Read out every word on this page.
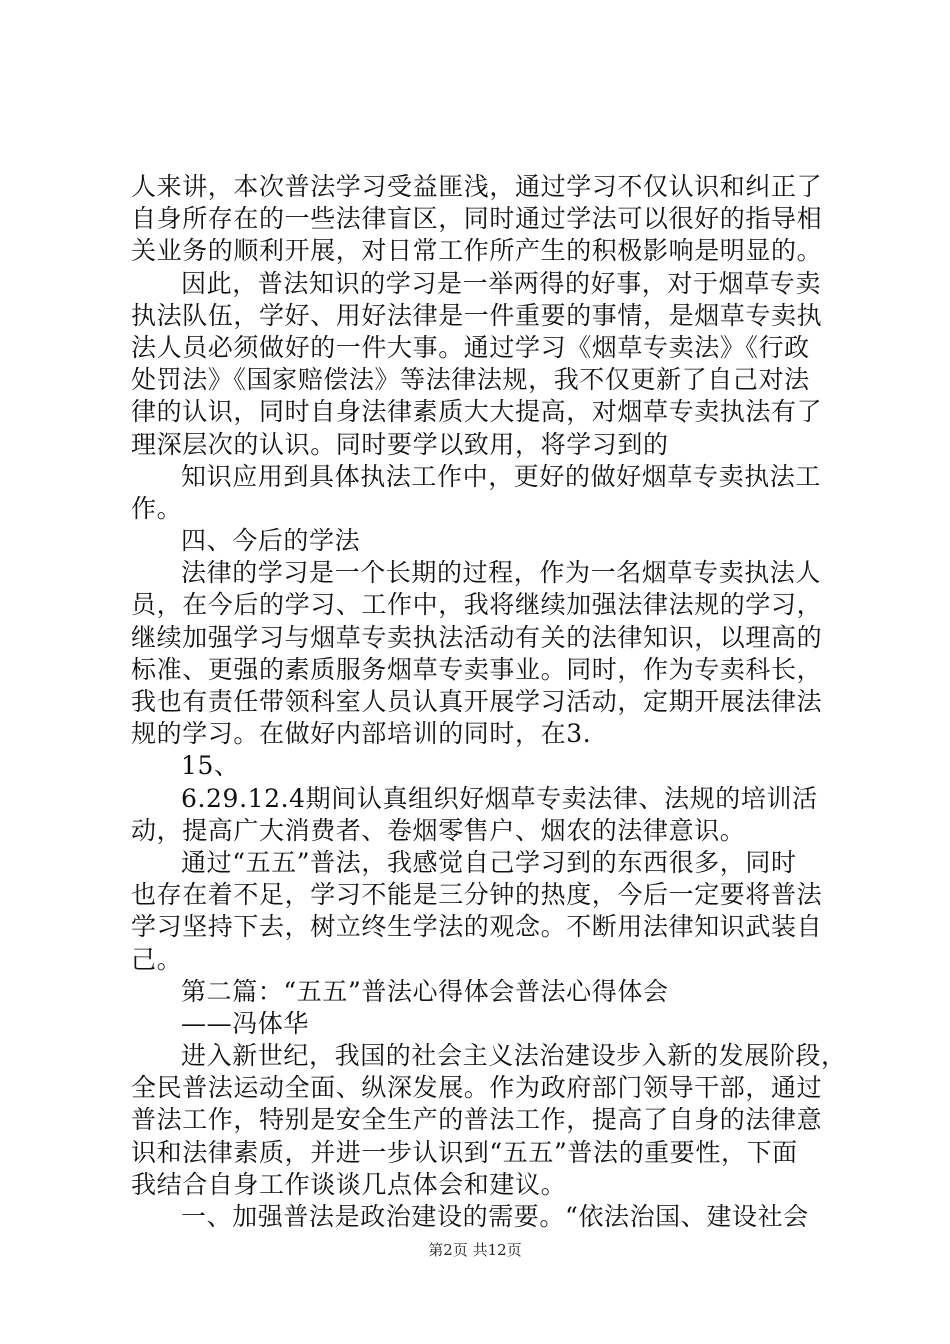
人来讲，本次普法学习受益匪浅，通过学习不仅认识和纠正了
自身所存在的一些法律盲区，同时通过学法可以很好的指导相
关业务的顺利开展，对日常工作所产生的积极影响是明显的。
因此，普法知识的学习是一举两得的好事，对于烟草专卖
执法队伍，学好、用好法律是一件重要的事情，是烟草专卖执
法人员必须做好的一件大事。通过学习《烟草专卖法》《行政
处罚法》《国家赔偿法》等法律法规，我不仅更新了自己对法
律的认识，同时自身法律素质大大提高，对烟草专卖执法有了
理深层次的认识。同时要学以致用，将学习到的
知识应用到具体执法工作中，更好的做好烟草专卖执法工
作。
四、今后的学法
法律的学习是一个长期的过程，作为一名烟草专卖执法人
员，在今后的学习、工作中，我将继续加强法律法规的学习，
继续加强学习与烟草专卖执法活动有关的法律知识，以理高的
标准、更强的素质服务烟草专卖事业。同时，作为专卖科长，
我也有责任带领科室人员认真开展学习活动，定期开展法律法
规的学习。在做好内部培训的同时，在3.
15、
6.29.12.4期间认真组织好烟草专卖法律、法规的培训活
动，提高广大消费者、卷烟零售户、烟农的法律意识。
通过“五五”普法，我感觉自己学习到的东西很多，同时
也存在着不足，学习不能是三分钟的热度，今后一定要将普法
学习坚持下去，树立终生学法的观念。不断用法律知识武装自
己。
第二篇：“五五”普法心得体会普法心得体会
——冯体华
进入新世纪，我国的社会主义法治建设步入新的发展阶段，
全民普法运动全面、纵深发展。作为政府部门领导干部，通过
普法工作，特别是安全生产的普法工作，提高了自身的法律意
识和法律素质，并进一步认识到“五五”普法的重要性，下面
我结合自身工作谈谈几点体会和建议。
一、加强普法是政治建设的需要。“依法治国、建设社会
第2页 共12页
